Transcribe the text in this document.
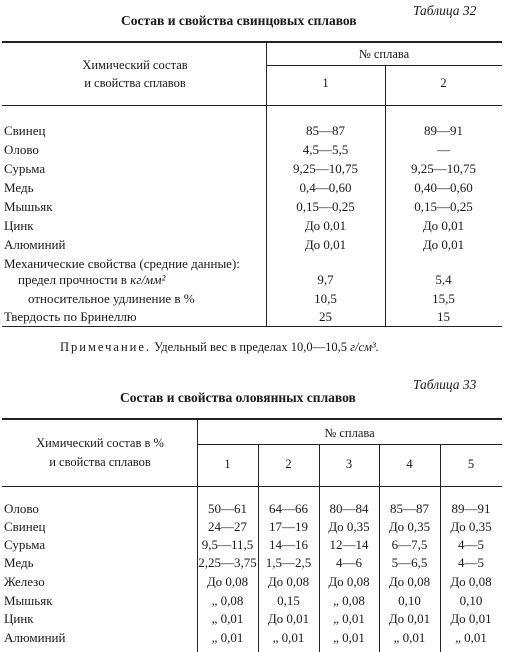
Таблица 32
Состав и свойства свинцовых сплавов
Химический состав
и свойства сплавов
№ сплава
1	2
Свинец	85—87	89—91
Олово	4,5—5,5	—
Сурьма	9,25—10,75	9,25—10,75
Медь	0,4—0,60	0,40—0,60
Мышьяк	0,15—0,25	0,15—0,25
Цинк	До 0,01	До 0,01
Алюминий	До 0,01	До 0,01
Механические свойства (средние данные):
предел прочности в кг/мм²	9,7	5,4
относительное удлинение в %	10,5	15,5
Твердость по Бринеллю	25	15
Примечание. Удельный вес в пределах 10,0—10,5 г/см³.
Таблица 33
Состав и свойства оловянных сплавов
Химический состав в %
и свойства сплавов
№ сплава
1	2	3	4	5
Олово	50—61	64—66	80—84	85—87	89—91
Свинец	24—27	17—19	До 0,35	До 0,35	До 0,35
Сурьма	9,5—11,5	14—16	12—14	6—7,5	4—5
Медь	2,25—3,75 1,5—2,5	4—6	5—6,5	4—5
Железо	До 0,08	До 0,08	До 0,08	До 0,08	До 0,08
Мышьяк	„ 0,08	0,15	„ 0,08	0,10	0,10
Цинк	„ 0,01	До 0,01	„ 0,01	До 0,01	До 0,01
Алюминий	„ 0,01	„ 0,01	„ 0,01	„ 0,01	„ 0,01
